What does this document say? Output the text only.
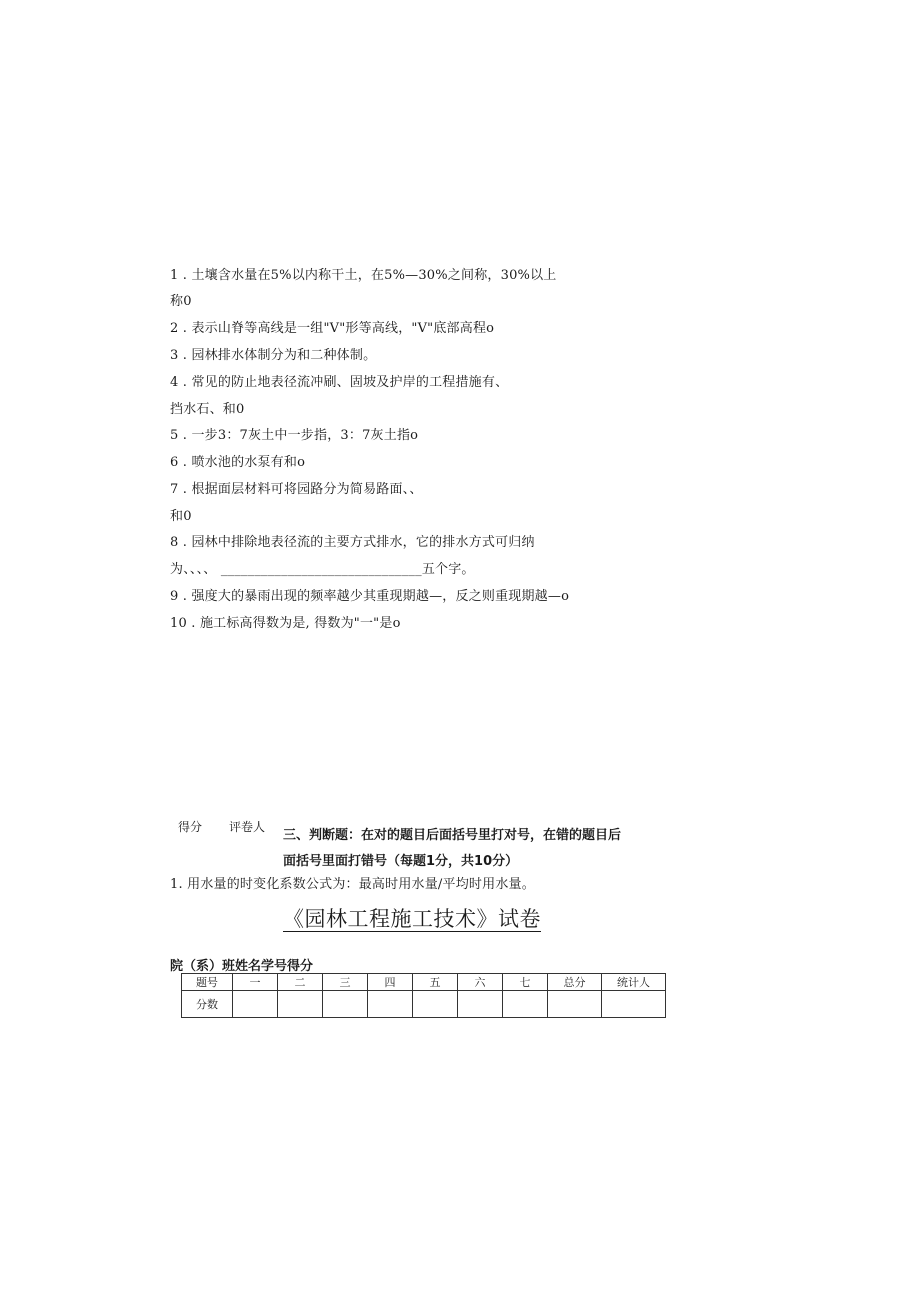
1 . 土壤含水量在5%以内称干土，在5%—30%之间称，30%以上
称0
2 . 表示山脊等高线是一组"V"形等高线，"V"底部高程o
3 . 园林排水体制分为和二种体制。
4 . 常见的防止地表径流冲刷、固坡及护岸的工程措施有、
挡水石、和0
5 . 一步3：7灰土中一步指，3：7灰土指o
6 . 喷水池的水泵有和o
7 . 根据面层材料可将园路分为简易路面、、
和0
8 . 园林中排除地表径流的主要方式排水，它的排水方式可归纳
为、、、、 ______________________________五个字。
9 . 强度大的暴雨出现的频率越少其重现期越—，反之则重现期越—o
10 . 施工标高得数为是, 得数为"一"是o
得分 评卷人
三、判断题：在对的题目后面括号里打对号，在错的题目后
面括号里面打错号（每题1分，共10分）
1. 用水量的时变化系数公式为：最高时用水量/平均时用水量。
《园林工程施工技术》试卷
院（系）班姓名学号得分
题号	一	二	三	四	五	六	七	总分	统计人
分数									
